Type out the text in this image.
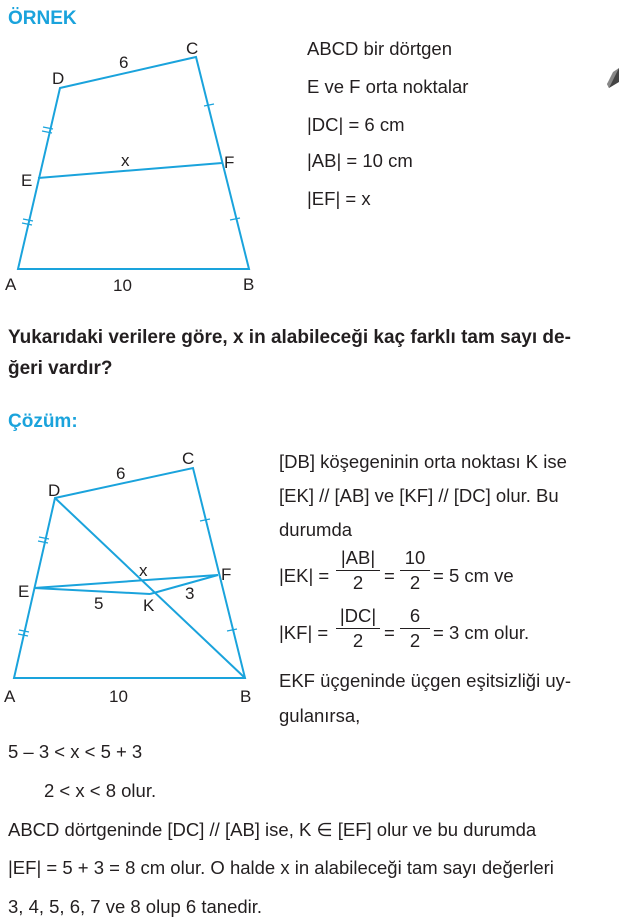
ÖRNEK
A	B
C
D
E
F
6
10
x
A	B
C
D
E
F
K
6
10
x
5
3
ABCD bir dörtgen
E ve F orta noktalar
|DC| = 6 cm
|AB| = 10 cm
|EF| = x
Yukarıdaki verilere göre, x in alabileceği kaç farklı tam sayı de-
ğeri vardır?
Çözüm:
[DB] köşegeninin orta noktası K ise
[EK] // [AB] ve [KF] // [DC] olur. Bu
durumda
$|EK| = \frac{|AB|}{2} = \frac{10}{2} = 5$ cm ve
$|KF| = \frac{|DC|}{2} = \frac{6}{2} = 3$ cm olur.
EKF üçgeninde üçgen eşitsizliği uy-
gulanırsa,
5 – 3 < x < 5 + 3
2 < x < 8 olur.
ABCD dörtgeninde [DC] // [AB] ise, K ∈ [EF] olur ve bu durumda
|EF| = 5 + 3 = 8 cm olur. O halde x in alabileceği tam sayı değerleri
3, 4, 5, 6, 7 ve 8 olup 6 tanedir.
